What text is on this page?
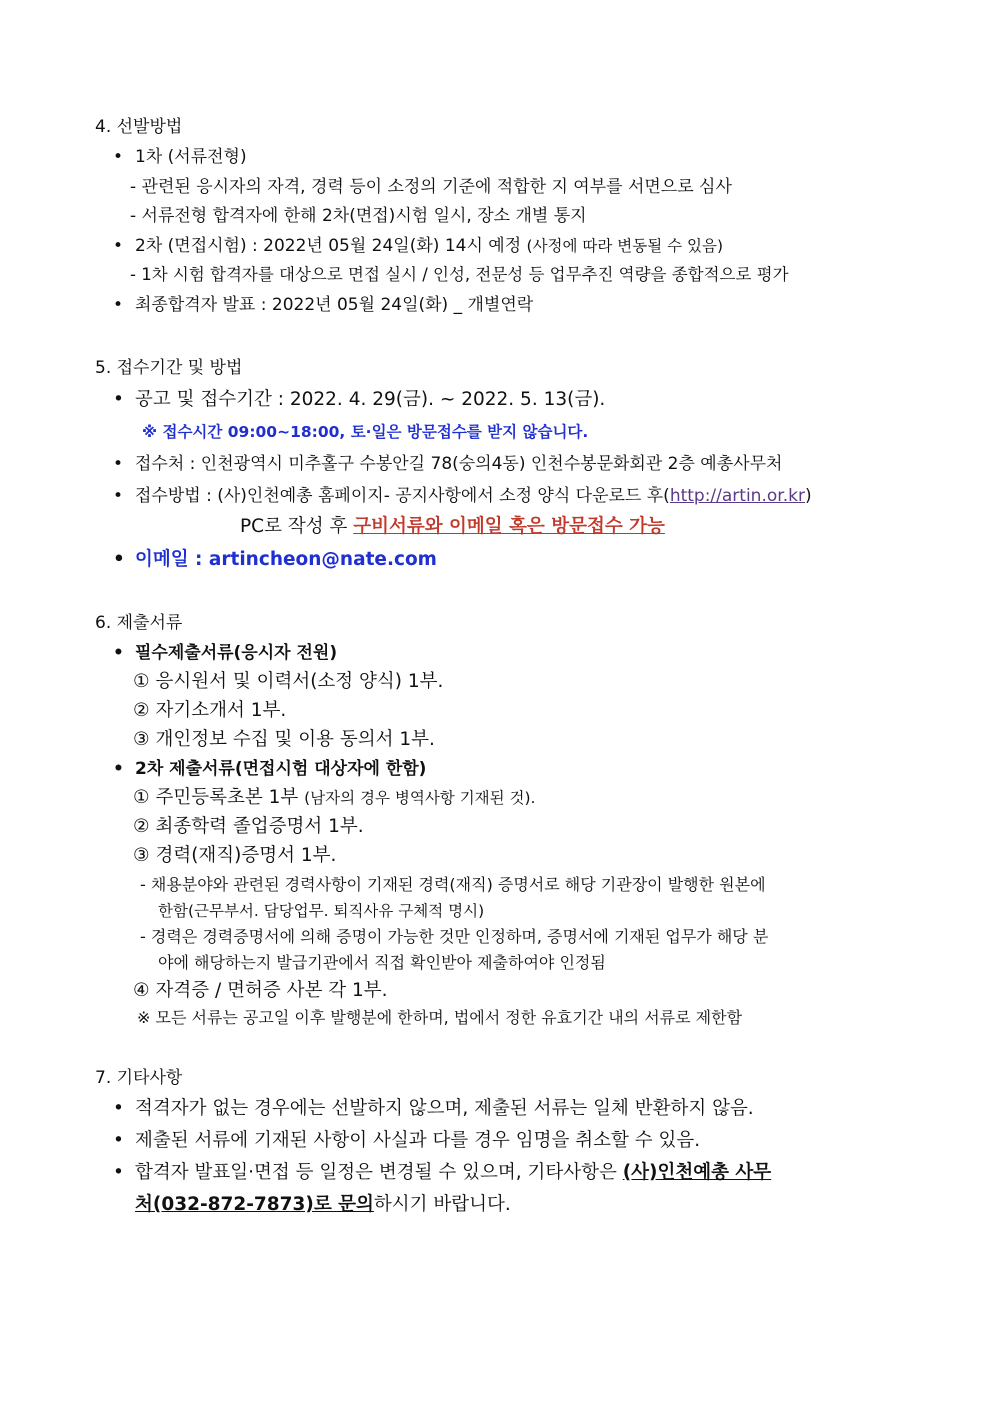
4. 선발방법
• 1차 (서류전형)
- 관련된 응시자의 자격, 경력 등이 소정의 기준에 적합한 지 여부를 서면으로 심사
- 서류전형 합격자에 한해 2차(면접)시험 일시, 장소 개별 통지
• 2차 (면접시험) : 2022년 05월 24일(화) 14시 예정 (사정에 따라 변동될 수 있음)
- 1차 시험 합격자를 대상으로 면접 실시 / 인성, 전문성 등 업무추진 역량을 종합적으로 평가
• 최종합격자 발표 : 2022년 05월 24일(화) _ 개별연락
5. 접수기간 및 방법
• 공고 및 접수기간 : 2022. 4. 29(금). ~ 2022. 5. 13(금).
※ 접수시간 09:00~18:00, 토·일은 방문접수를 받지 않습니다.
• 접수처 : 인천광역시 미추홀구 수봉안길 78(숭의4동) 인천수봉문화회관 2층 예총사무처
• 접수방법 : (사)인천예총 홈페이지- 공지사항에서 소정 양식 다운로드 후(http://artin.or.kr)
PC로 작성 후 구비서류와 이메일 혹은 방문접수 가능
• 이메일 : artincheon@nate.com
6. 제출서류
• 필수제출서류(응시자 전원)
① 응시원서 및 이력서(소정 양식) 1부.
② 자기소개서 1부.
③ 개인정보 수집 및 이용 동의서 1부.
• 2차 제출서류(면접시험 대상자에 한함)
① 주민등록초본 1부 (남자의 경우 병역사항 기재된 것).
② 최종학력 졸업증명서 1부.
③ 경력(재직)증명서 1부.
- 채용분야와 관련된 경력사항이 기재된 경력(재직) 증명서로 해당 기관장이 발행한 원본에
한함(근무부서. 담당업무. 퇴직사유 구체적 명시)
- 경력은 경력증명서에 의해 증명이 가능한 것만 인정하며, 증명서에 기재된 업무가 해당 분
야에 해당하는지 발급기관에서 직접 확인받아 제출하여야 인정됨
④ 자격증 / 면허증 사본 각 1부.
※ 모든 서류는 공고일 이후 발행분에 한하며, 법에서 정한 유효기간 내의 서류로 제한함
7. 기타사항
• 적격자가 없는 경우에는 선발하지 않으며, 제출된 서류는 일체 반환하지 않음.
• 제출된 서류에 기재된 사항이 사실과 다를 경우 임명을 취소할 수 있음.
• 합격자 발표일·면접 등 일정은 변경될 수 있으며, 기타사항은 (사)인천예총 사무
처(032-872-7873)로 문의하시기 바랍니다.
